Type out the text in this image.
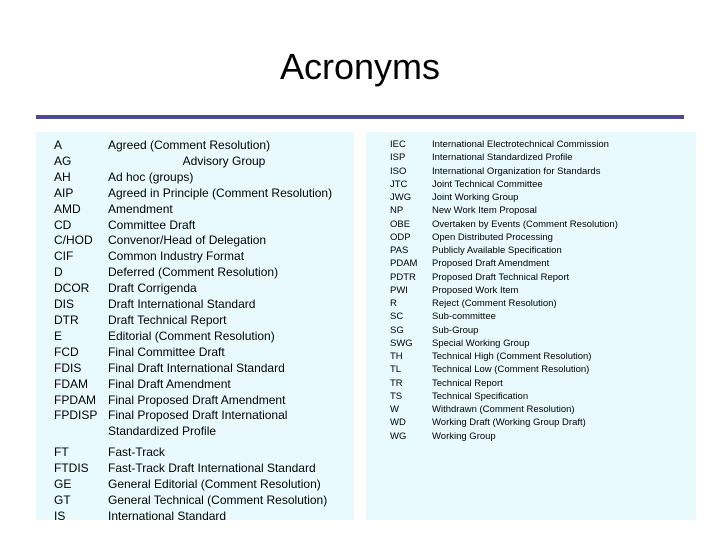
Acronyms
A	Agreed (Comment Resolution)
AG	Advisory Group
AH	Ad hoc (groups)
AIP	Agreed in Principle (Comment Resolution)
AMD	Amendment
CD	Committee Draft
C/HOD	Convenor/Head of Delegation
CIF	Common Industry Format
D	Deferred (Comment Resolution)
DCOR	Draft Corrigenda
DIS	Draft International Standard
DTR	Draft Technical Report
E	Editorial (Comment Resolution)
FCD	Final Committee Draft
FDIS	Final Draft International Standard
FDAM	Final Draft Amendment
FPDAM	Final Proposed Draft Amendment
FPDISP	Final Proposed Draft International Standardized Profile
FT	Fast-Track
FTDIS	Fast-Track Draft International Standard
GE	General Editorial (Comment Resolution)
GT	General Technical (Comment Resolution)
IS	International Standard
IEC	International Electrotechnical Commission
ISP	International Standardized Profile
ISO	International Organization for Standards
JTC	Joint Technical Committee
JWG	Joint Working Group
NP	New Work Item Proposal
OBE	Overtaken by Events (Comment Resolution)
ODP	Open Distributed Processing
PAS	Publicly Available Specification
PDAM	Proposed Draft Amendment
PDTR	Proposed Draft Technical Report
PWI	Proposed Work Item
R	Reject (Comment Resolution)
SC	Sub-committee
SG	Sub-Group
SWG	Special Working Group
TH	Technical High (Comment Resolution)
TL	Technical Low (Comment Resolution)
TR	Technical Report
TS	Technical Specification
W	Withdrawn (Comment Resolution)
WD	Working Draft (Working Group Draft)
WG	Working Group
